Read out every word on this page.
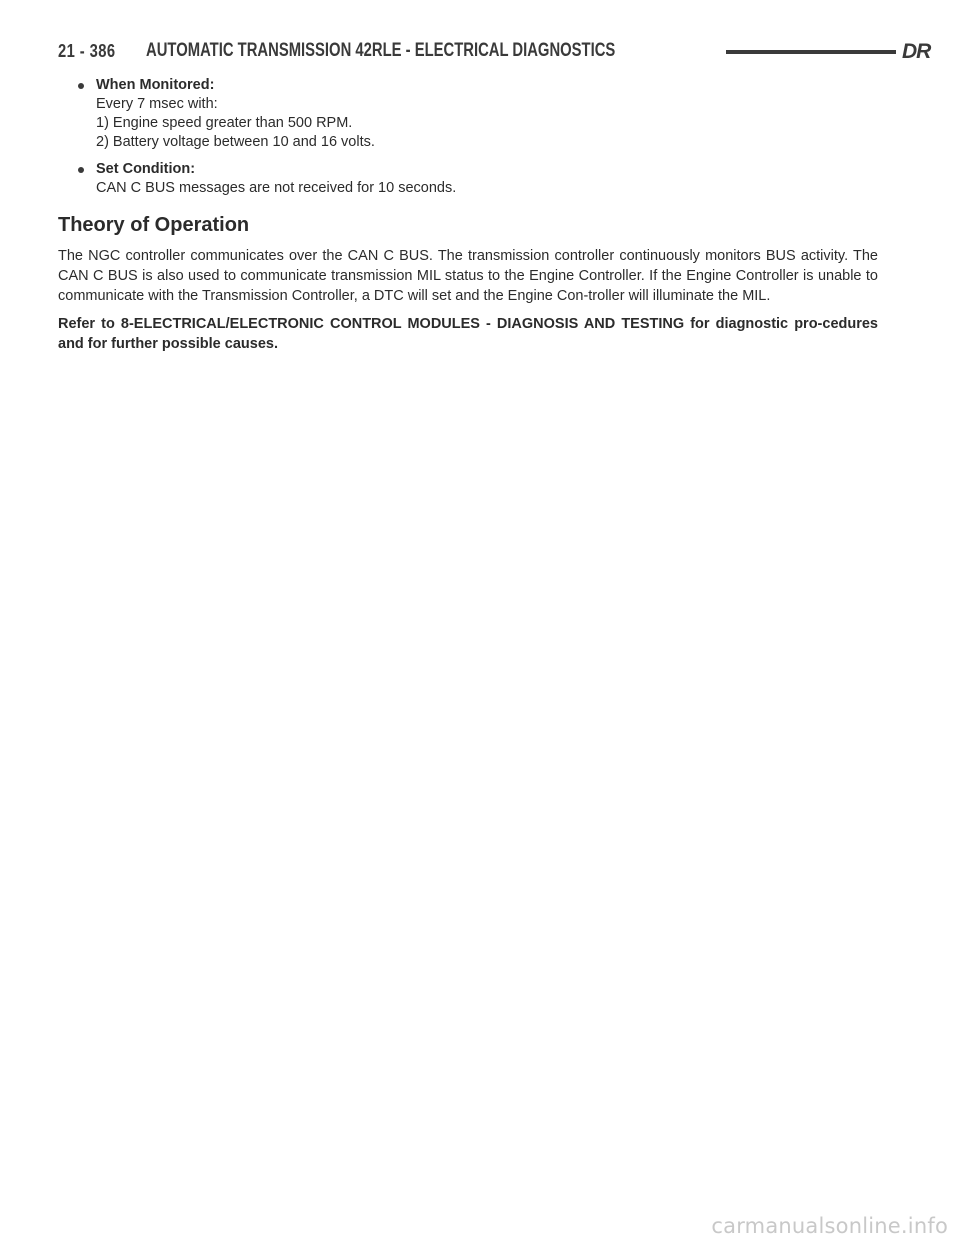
21 - 386	AUTOMATIC TRANSMISSION 42RLE - ELECTRICAL DIAGNOSTICS	DR
When Monitored:
Every 7 msec with:
1) Engine speed greater than 500 RPM.
2) Battery voltage between 10 and 16 volts.
Set Condition:
CAN C BUS messages are not received for 10 seconds.
Theory of Operation

The NGC controller communicates over the CAN C BUS. The transmission controller continuously monitors BUS activity. The CAN C BUS is also used to communicate transmission MIL status to the Engine Controller. If the Engine Controller is unable to communicate with the Transmission Controller, a DTC will set and the Engine Con-troller will illuminate the MIL.

Refer to 8-ELECTRICAL/ELECTRONIC CONTROL MODULES - DIAGNOSIS AND TESTING for diagnostic pro-cedures and for further possible causes.

carmanualsonline.info
